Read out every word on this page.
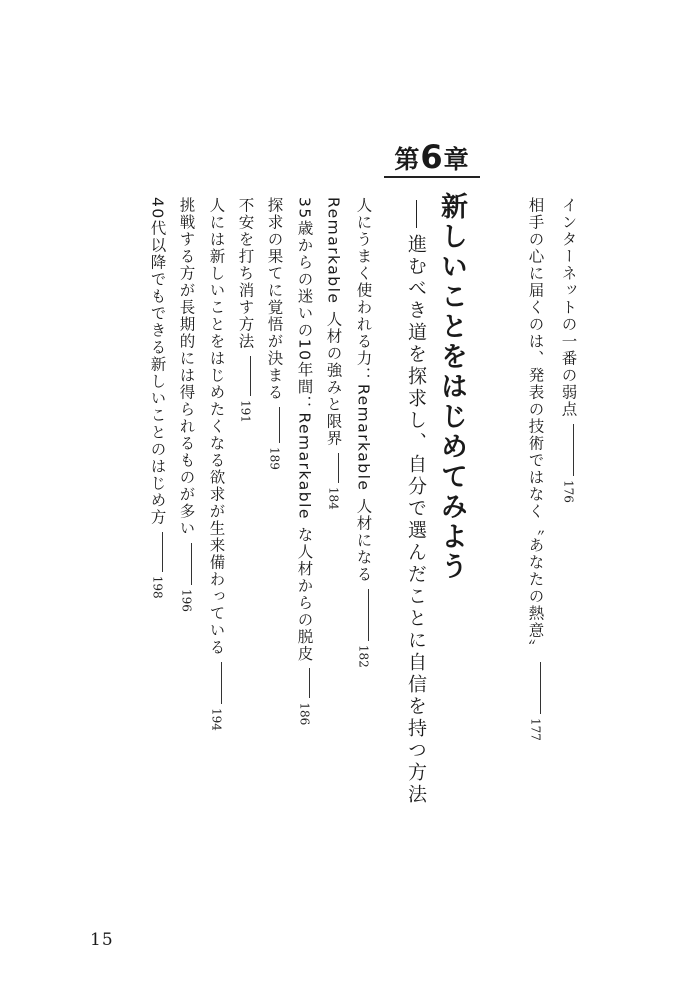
インターネットの一番の弱点176
相手の心に届くのは、発表の技術ではなく〝あなたの熱意〟177
第6章
新しいことをはじめてみよう
進むべき道を探求し、自分で選んだことに自信を持つ方法
人にうまく使われる力：Remarkable 人材になる182
Remarkable 人材の強みと限界184
35歳からの迷いの10年間：Remarkable な人材からの脱皮186
探求の果てに覚悟が決まる189
不安を打ち消す方法191
人には新しいことをはじめたくなる欲求が生来備わっている194
挑戦する方が長期的には得られるものが多い196
40代以降でもできる新しいことのはじめ方198
15
